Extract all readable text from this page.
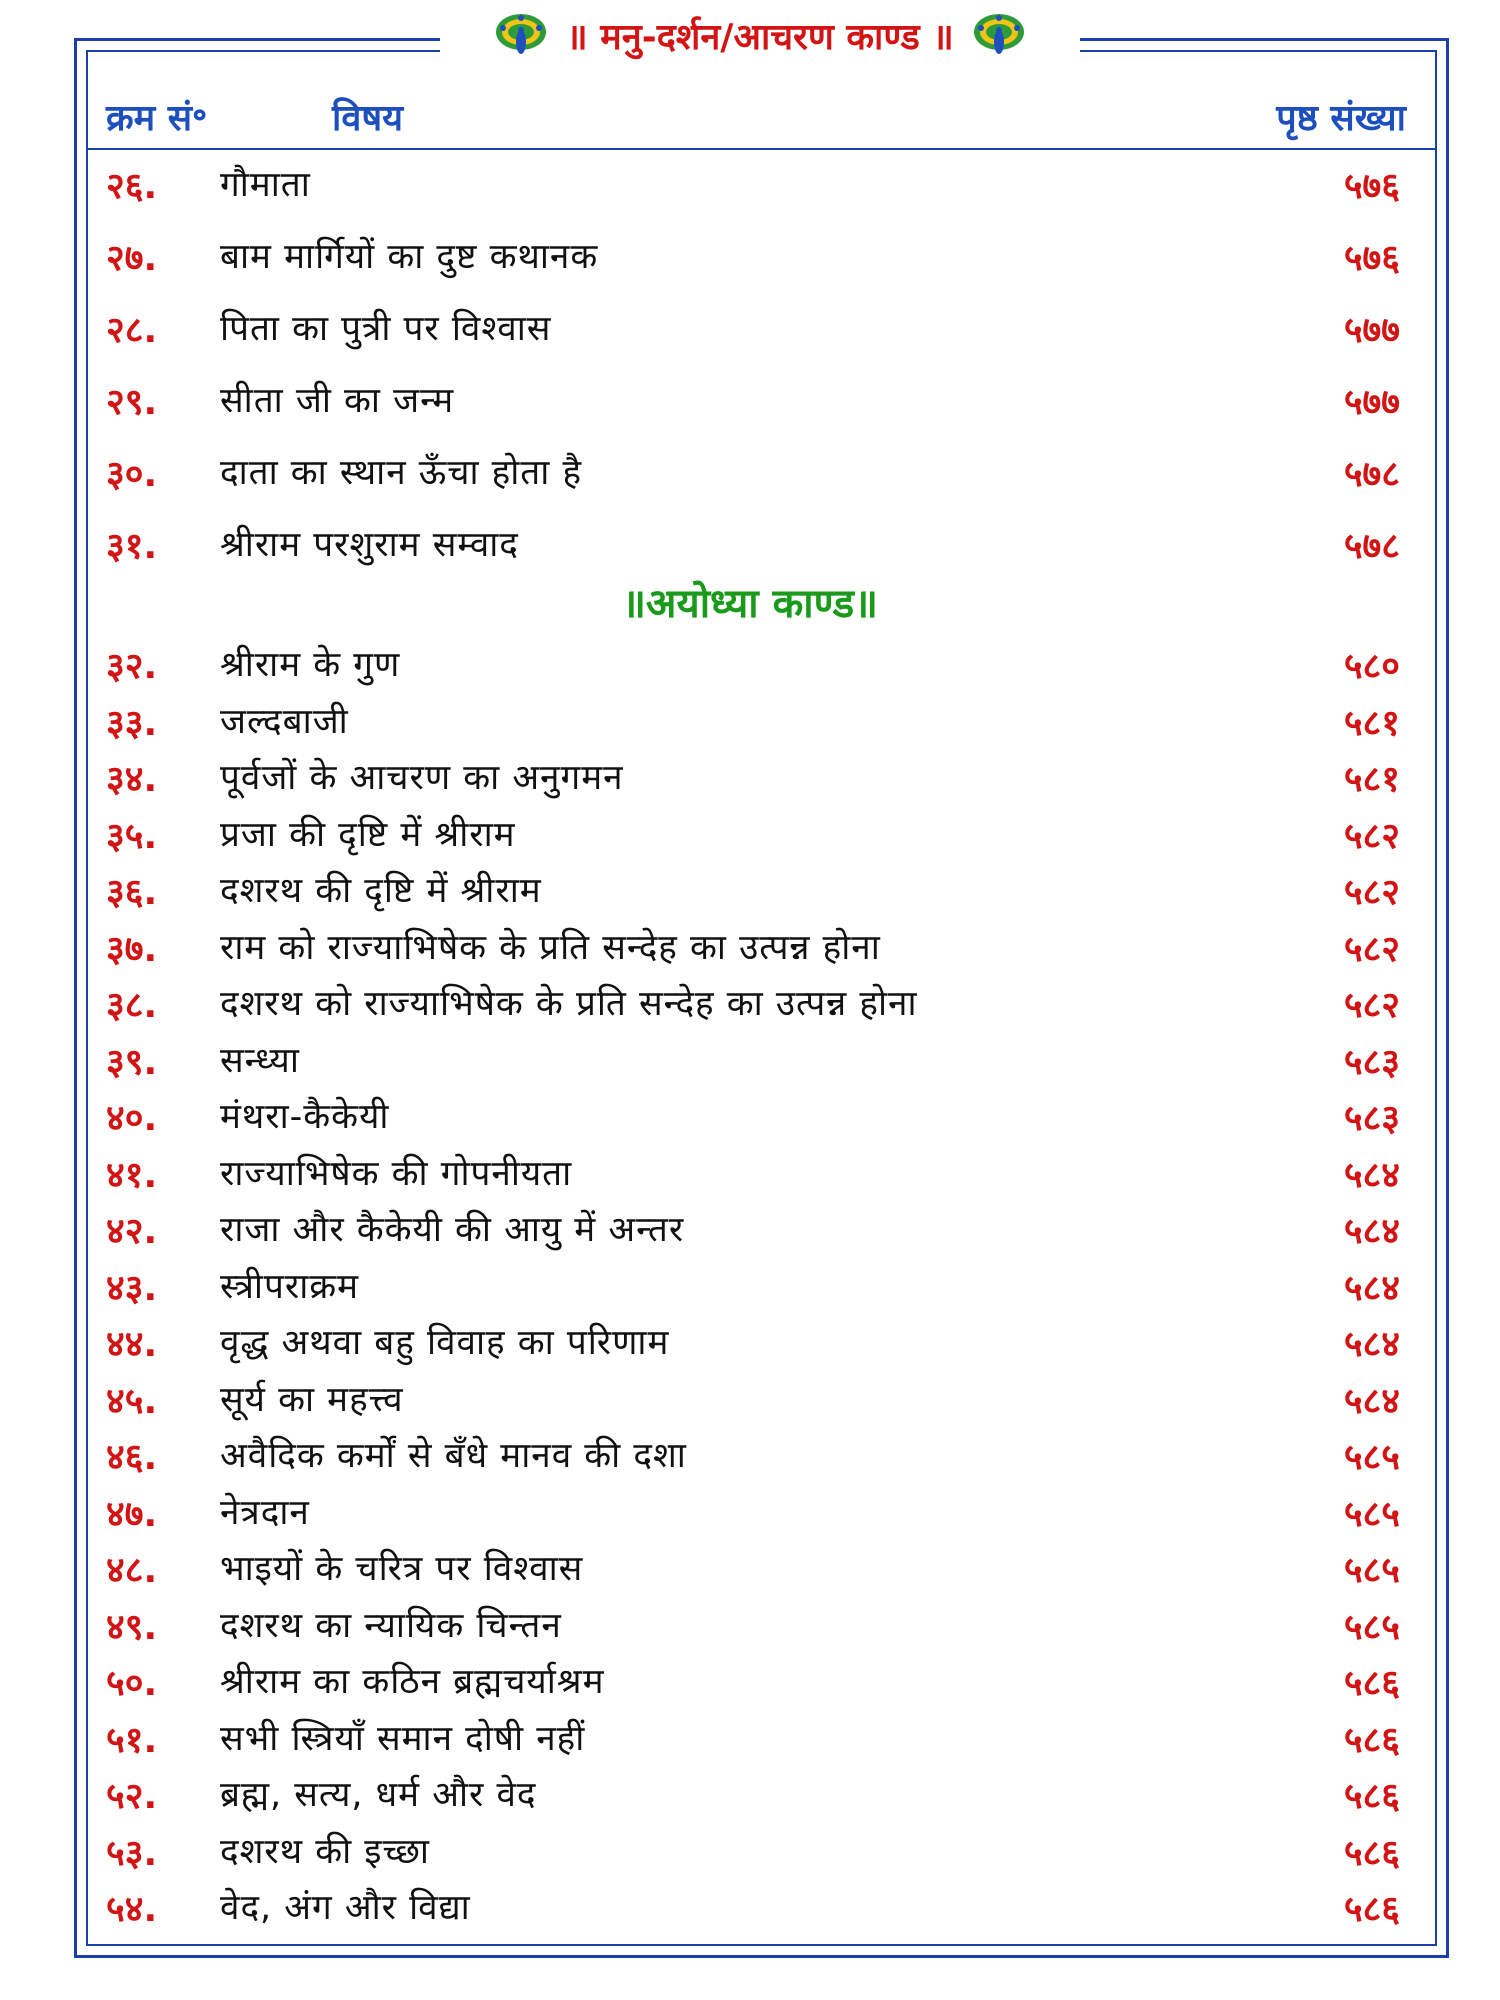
॥ मनु-दर्शन/आचरण काण्ड ॥
क्रम सं॰	विषय	पृष्ठ संख्या
२६. गौमाता	५७६
२७. बाम मार्गियों का दुष्ट कथानक	५७६
२८. पिता का पुत्री पर विश्वास	५७७
२९. सीता जी का जन्म	५७७
३०. दाता का स्थान ऊँचा होता है	५७८
३१. श्रीराम परशुराम सम्वाद	५७८
॥अयोध्या काण्ड॥
३२. श्रीराम के गुण	५८०
३३. जल्दबाजी	५८१
३४. पूर्वजों के आचरण का अनुगमन	५८१
३५. प्रजा की दृष्टि में श्रीराम	५८२
३६. दशरथ की दृष्टि में श्रीराम	५८२
३७. राम को राज्याभिषेक के प्रति सन्देह का उत्पन्न होना	५८२
३८. दशरथ को राज्याभिषेक के प्रति सन्देह का उत्पन्न होना	५८२
३९. सन्ध्या	५८३
४०. मंथरा-कैकेयी	५८३
४१. राज्याभिषेक की गोपनीयता	५८४
४२. राजा और कैकेयी की आयु में अन्तर	५८४
४३. स्त्रीपराक्रम	५८४
४४. वृद्ध अथवा बहु विवाह का परिणाम	५८४
४५. सूर्य का महत्त्व	५८४
४६. अवैदिक कर्मों से बँधे मानव की दशा	५८५
४७. नेत्रदान	५८५
४८. भाइयों के चरित्र पर विश्वास	५८५
४९. दशरथ का न्यायिक चिन्तन	५८५
५०. श्रीराम का कठिन ब्रह्मचर्याश्रम	५८६
५१. सभी स्त्रियाँ समान दोषी नहीं	५८६
५२. ब्रह्म, सत्य, धर्म और वेद	५८६
५३. दशरथ की इच्छा	५८६
५४. वेद, अंग और विद्या	५८६
